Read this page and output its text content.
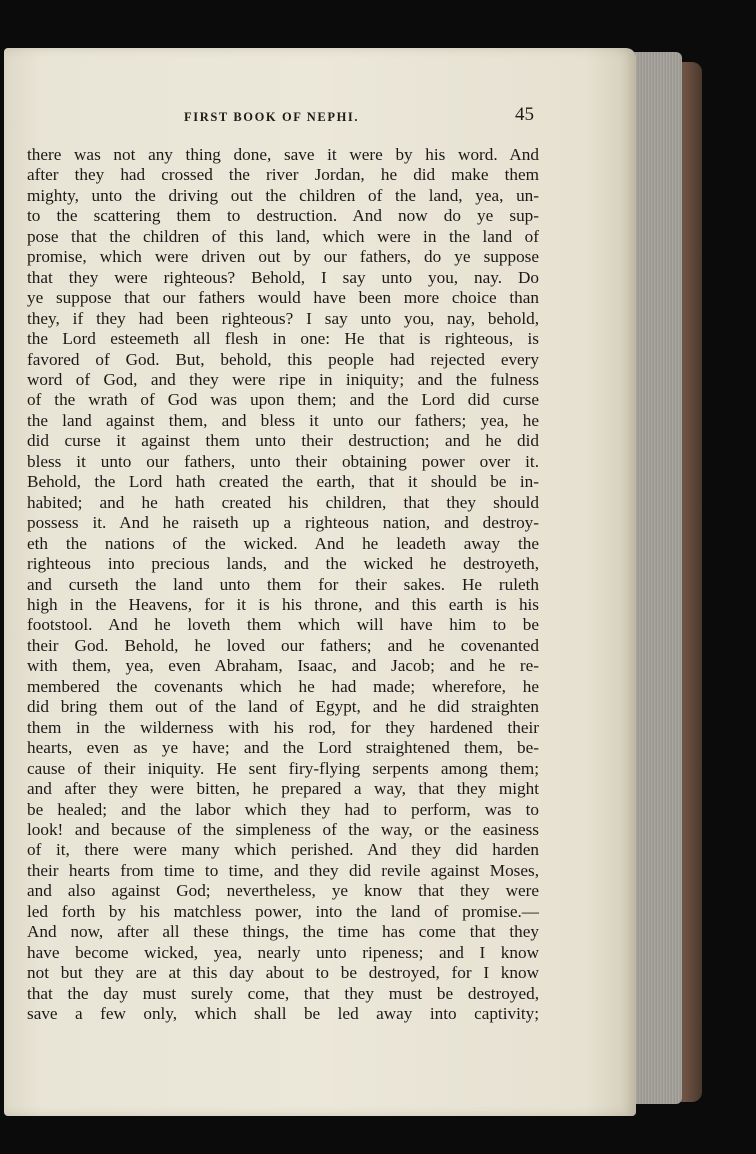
FIRST BOOK OF NEPHI.	45
there was not any thing done, save it were by his word. And
after they had crossed the river Jordan, he did make them
mighty, unto the driving out the children of the land, yea, un-
to the scattering them to destruction. And now do ye sup-
pose that the children of this land, which were in the land of
promise, which were driven out by our fathers, do ye suppose
that they were righteous? Behold, I say unto you, nay. Do
ye suppose that our fathers would have been more choice than
they, if they had been righteous? I say unto you, nay, behold,
the Lord esteemeth all flesh in one: He that is righteous, is
favored of God. But, behold, this people had rejected every
word of God, and they were ripe in iniquity; and the fulness
of the wrath of God was upon them; and the Lord did curse
the land against them, and bless it unto our fathers; yea, he
did curse it against them unto their destruction; and he did
bless it unto our fathers, unto their obtaining power over it.
Behold, the Lord hath created the earth, that it should be in-
habited; and he hath created his children, that they should
possess it. And he raiseth up a righteous nation, and destroy-
eth the nations of the wicked. And he leadeth away the
righteous into precious lands, and the wicked he destroyeth,
and curseth the land unto them for their sakes. He ruleth
high in the Heavens, for it is his throne, and this earth is his
footstool. And he loveth them which will have him to be
their God. Behold, he loved our fathers; and he covenanted
with them, yea, even Abraham, Isaac, and Jacob; and he re-
membered the covenants which he had made; wherefore, he
did bring them out of the land of Egypt, and he did straighten
them in the wilderness with his rod, for they hardened their
hearts, even as ye have; and the Lord straightened them, be-
cause of their iniquity. He sent firy-flying serpents among them;
and after they were bitten, he prepared a way, that they might
be healed; and the labor which they had to perform, was to
look! and because of the simpleness of the way, or the easiness
of it, there were many which perished. And they did harden
their hearts from time to time, and they did revile against Moses,
and also against God; nevertheless, ye know that they were
led forth by his matchless power, into the land of promise.—
And now, after all these things, the time has come that they
have become wicked, yea, nearly unto ripeness; and I know
not but they are at this day about to be destroyed, for I know
that the day must surely come, that they must be destroyed,
save a few only, which shall be led away into captivity;
